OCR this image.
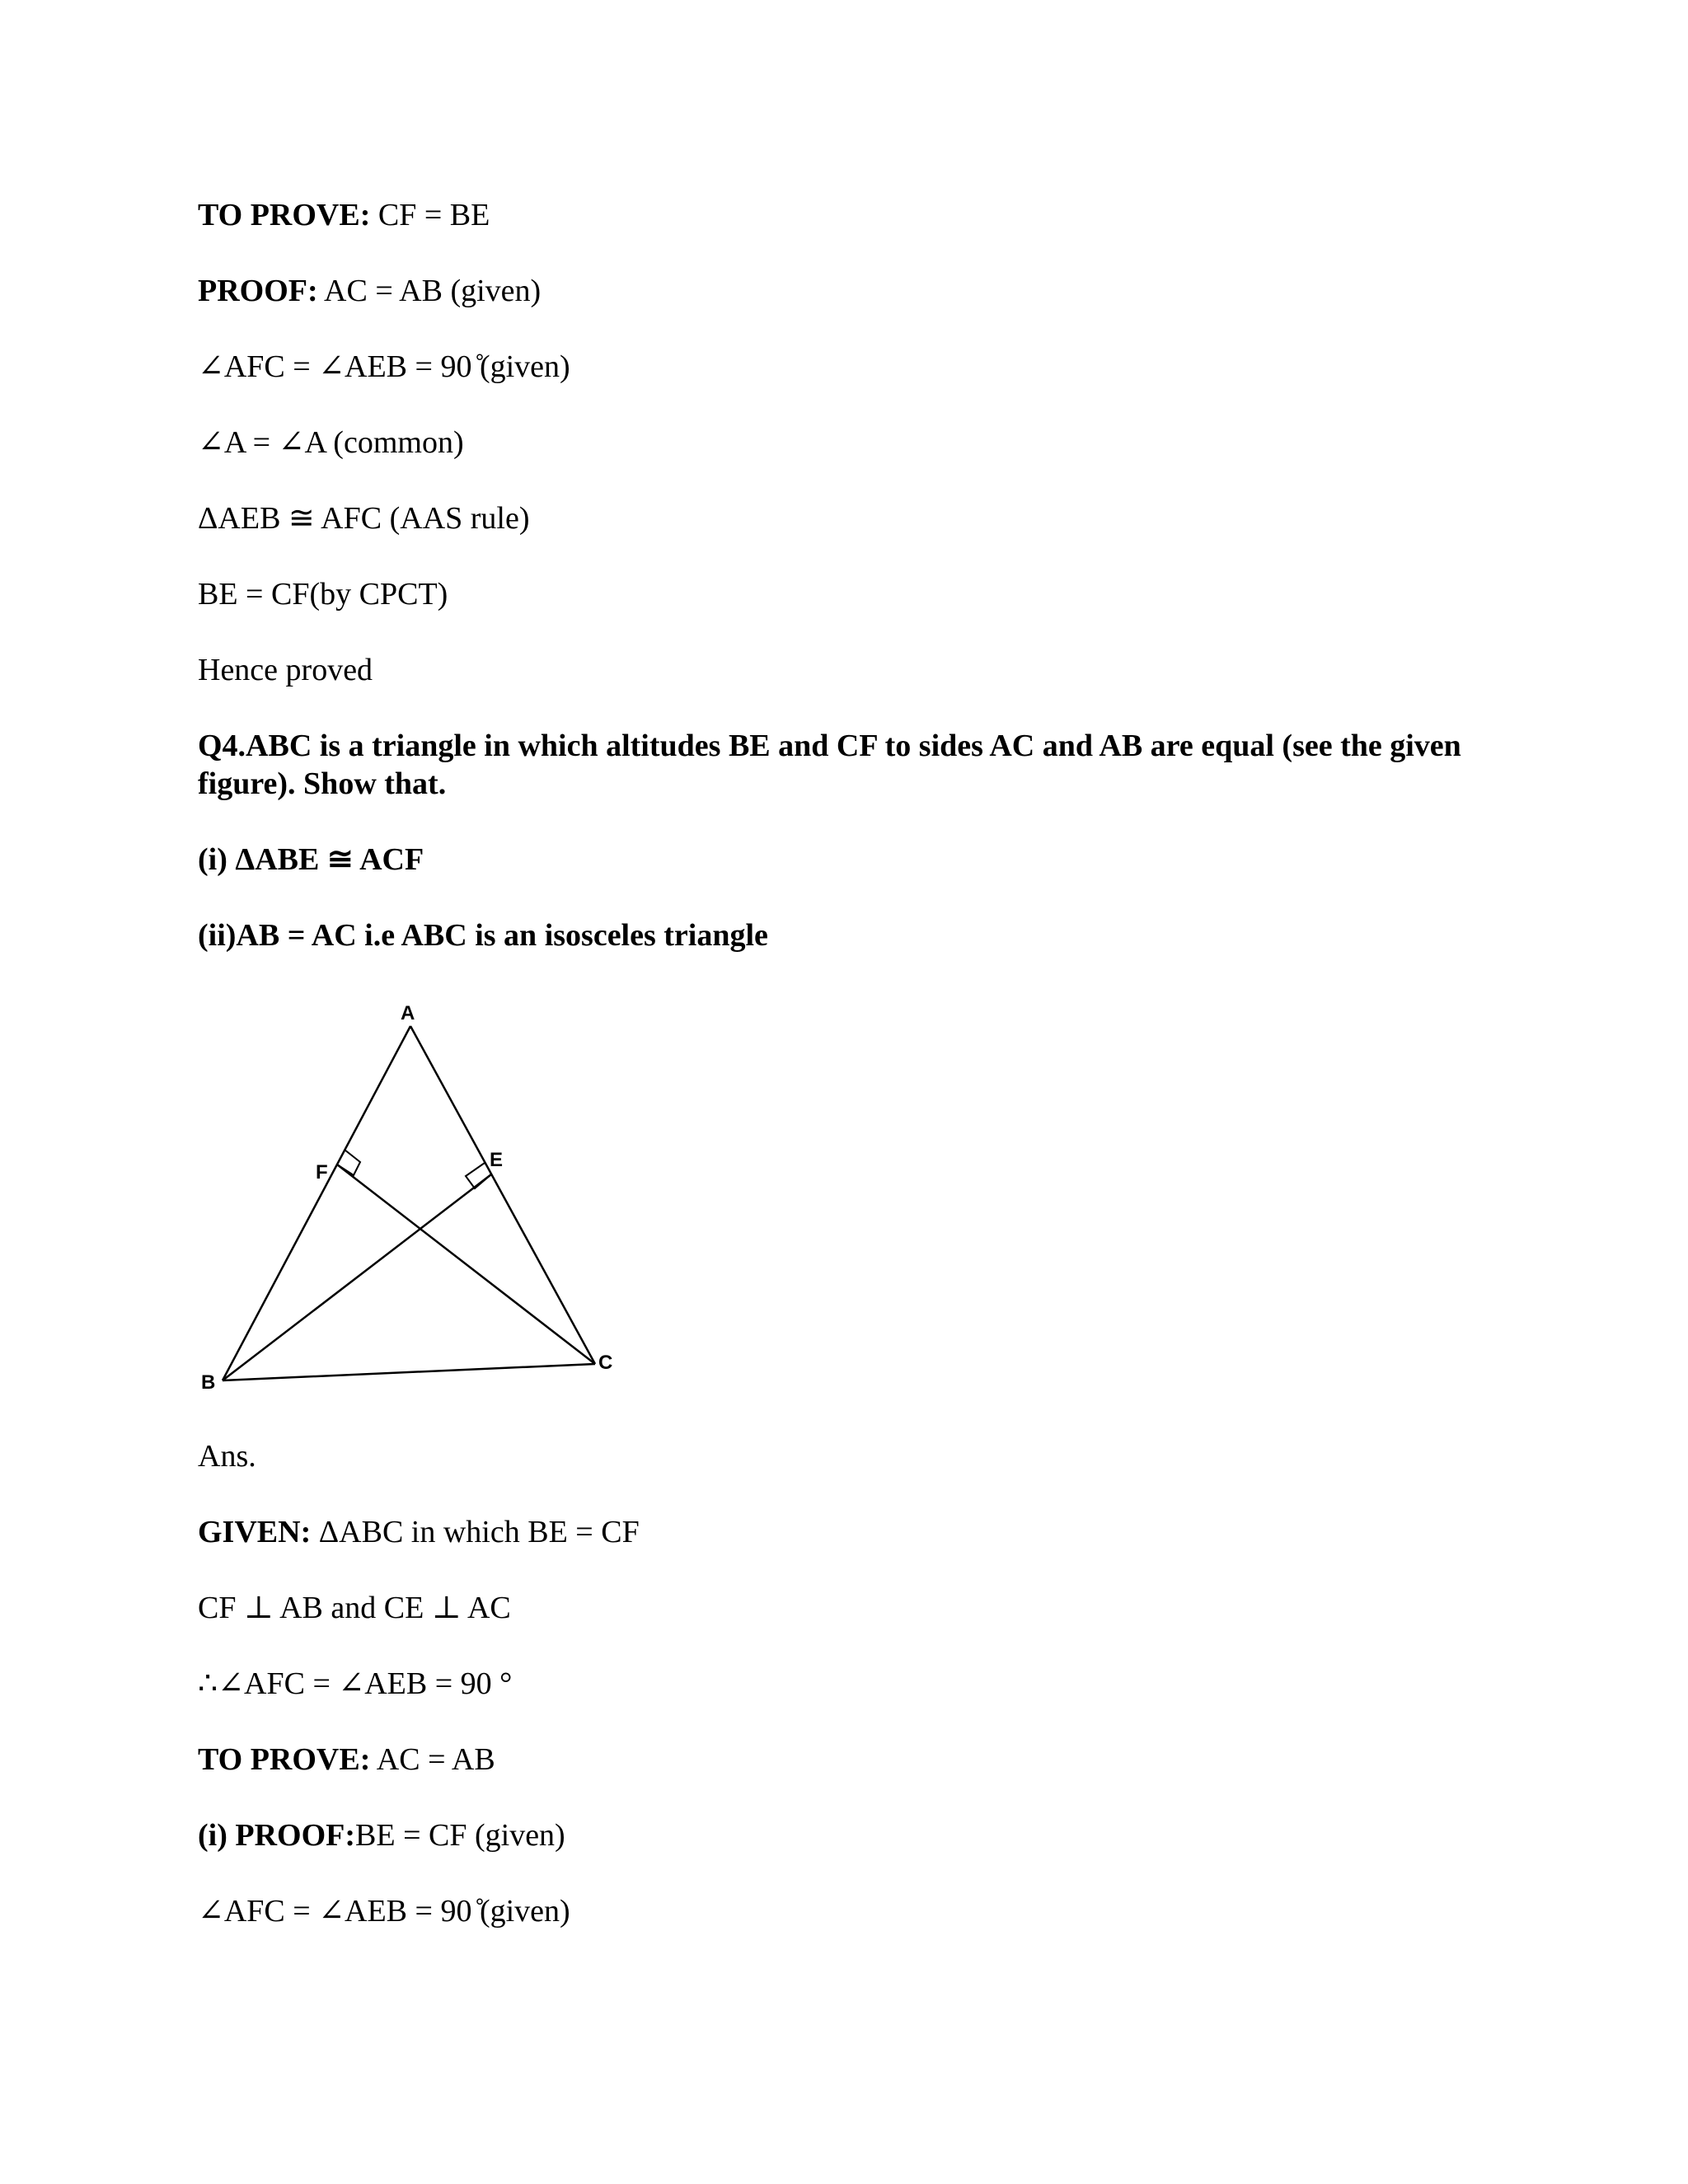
TO PROVE: CF = BE
PROOF: AC = AB (given)
∠AFC = ∠AEB = 90 ̊(given)
∠A = ∠A (common)
ΔAEB ≅ AFC (AAS rule)
BE = CF(by CPCT)
Hence proved
Q4.ABC is a triangle in which altitudes BE and CF to sides AC and AB are equal (see the given figure). Show that.
(i) ΔABE ≅ ACF
(ii)AB = AC i.e ABC is an isosceles triangle
A
B
C
E
F
Ans.
GIVEN: ΔABC in which BE = CF
CF ⊥ AB and CE ⊥ AC
∴∠AFC = ∠AEB = 90 °
TO PROVE: AC = AB
(i) PROOF:BE = CF (given)
∠AFC = ∠AEB = 90 ̊(given)
